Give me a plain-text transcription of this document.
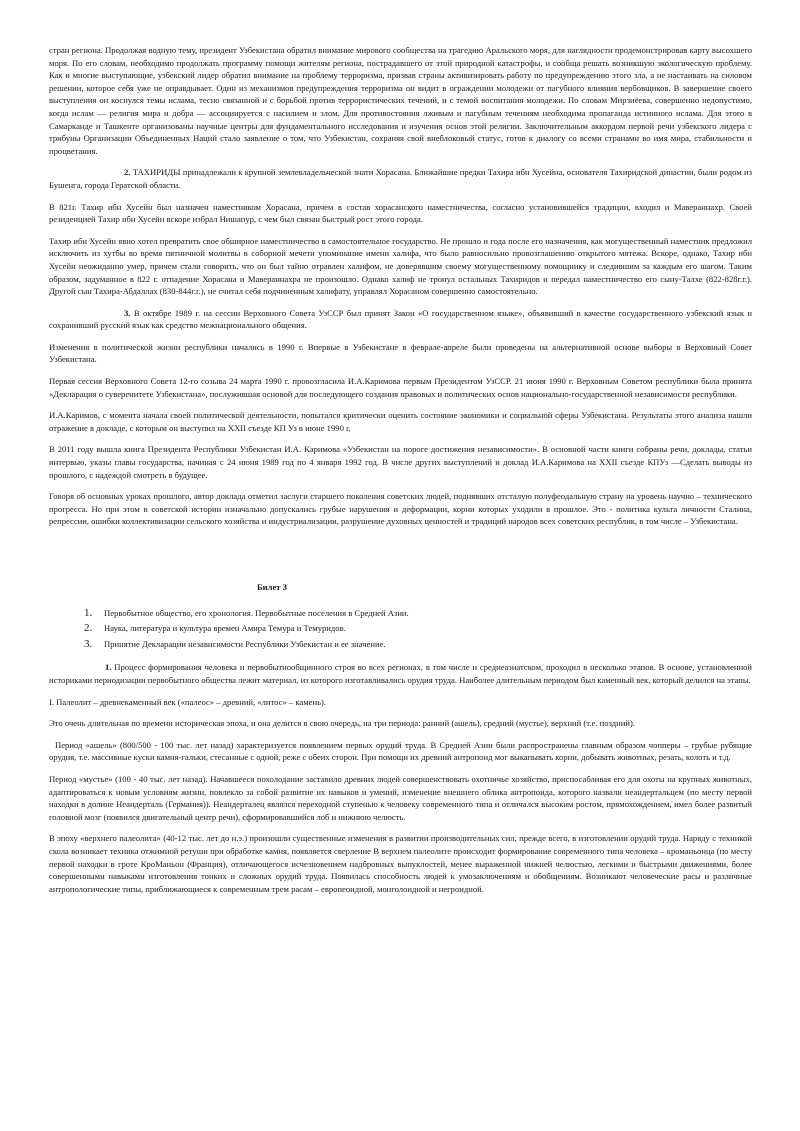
стран региона. Продолжая водную тему, президент Узбекистана обратил внимание мирового сообщества на трагедию Аральского моря, для наглядности продемонстрировав карту высохшего моря. По его словам, необходимо продолжать программу помощи жителям региона, пострадавшего от этой природной катастрофы, и сообща решать возникшую экологическую проблему. Как и многие выступающие, узбекский лидер обратил внимание на проблему терроризма, призвав страны активизировать работу по предупреждению этого зла, а не настаивать на силовом решении, которое себя уже не оправдывает. Один из механизмов предупреждения терроризма он видит в ограждении молодежи от пагубного влияния вербовщиков. В завершение своего выступления он коснулся темы ислама, тесно связанной и с борьбой против террористических течений, и с темой воспитания молодежи. По словам Мирзиёева, совершенно недопустимо, когда ислам — религия мира и добра — ассоциируется с насилием и злом. Для противостояния лживым и пагубным течениям необходима пропаганда истинного ислама. Для этого в Самарканде и Ташкенте организованы научные центры для фундаментального исследования и изучения основ этой религии. Заключительным аккордом первой речи узбекского лидера с трибуны Организации Объединенных Наций стало заявление о том, что Узбекистан, сохраняя свой внеблоковый статус, готов к диалогу со всеми странами во имя мира, стабильности и процветания.

2. ТАХИРИДЫ принадлежали к крупной землевладельческой знати Хорасана. Ближайшие предки Тахира ибн Хусейна, основателя Тахиридской династии, были родом из Бушенга, города Гератской области.

В 821г. Тахир ибн Хусейн был назначен наместником Хорасана, причем в состав хорасанского наместничества, согласно установившейся традиции, входил и Мавераннахр. Своей резиденцией Тахир ибн Хусейн вскоре избрал Нишапур, с чем был связан быстрый рост этого города.

Тахир ибн Хусейн явно хотел превратить свое обширное наместничество в самостоятельное государство. Не прошло и года после его назначения, как могущественный наместник предложил исключить из хутбы во время пятничной молитвы в соборной мечети упоминание имени халифа, что было равносильно провозглашению открытого мятежа. Вскоре, однако, Тахир ибн Хусейн неожиданно умер, причем стали говорить, что он был тайно отравлен халифом, не доверявшим своему могущественному помощнику и следившим за каждым его шагом. Таким образом, задуманное в 822 г. отпадение Хорасана и Мавераннахра не произошло. Однако халиф не тронул остальных Тахиридов и передал наместничество его сыну-Талхе (822-828г.г.). Другой сын Тахира-Абдаллах (830-844г.г.), не считал себя подчиненным халифату, управлял Хорасаном совершенно самостоятельно.

3. В октябре 1989 г. на сессии Верховного Совета УзССР был принят Закон «О государственном языке», объявивший в качестве государственного узбекский язык и сохранивший русский язык как средство межнационального общения.

Изменения в политической жизни республики начались в 1990 г. Впервые в Узбекистане в феврале-апреле были проведены на альтернативной основе выборы в Верховный Совет Узбекистана.

Первая сессия Верховного Совета 12-го созыва 24 марта 1990 г. провозгласила И.А.Каримова первым Президентом УзССР. 21 июня 1990 г. Верховным Советом республики была принята «Декларация о суверенитете Узбекистана», послужившая основой для последующего создания правовых и политических основ национально-государственной независимости республики.

И.А.Каримов, с момента начала своей политической деятельности, попытался критически оценить состояние экономики и социальной сферы Узбекистана. Результаты этого анализа нашли отражение в докладе, с которым он выступил на XXII съезде КП Уз в июне 1990 г.

В 2011 году вышла книга Президента Республики Узбекистан И.А. Каримова «Узбекистан на пороге достижения независимости». В основной части книги собраны речи, доклады, статьи интервью, указы главы государства, начиная с 24 июня 1989 год по 4 января 1992 год. В числе других выступлений и доклад И.А.Каримова на XXII съезде КПУз —Сделать выводы из прошлого, с надеждой смотреть в будущее.

Говоря об основных уроках прошлого, автор доклада отметил заслуги старшего поколения советских людей, поднявших отсталую полуфеодальную страну на уровень научно – технического прогресса. Но при этом в советской истории изначально допускались грубые нарушения и деформации, корни которых уходили в прошлое. Это - политика культа личности Сталина, репрессии, ошибки коллективизации сельского хозяйства и индустриализации, разрушение духовных ценностей и традиций народов всех советских республик, в том числе – Узбекистана.

Билет 3
1. Первобытное общество, его хронология. Первобытные поселения в Средней Азии.
2. Наука, литература и культура времен Амира Темура и Темуридов.
3. Принятие Декларации независимости Республики Узбекистан и ее значение.

1. Процесс формирования человека и первобытнообщинного строя во всех регионах, в том числе и среднеазиатском, проходил в несколько этапов. В основе, установленной историками периодизации первобытного общества лежит материал, из которого изготавливались орудия труда. Наиболее длительным периодом был каменный век, который делился на этапы.

I. Палеолит – древнекаменный век («палеос» – древний, «литос» – камень).

Это очень длительная по времени историческая эпоха, и она делится в свою очередь, на три периода: ранний (ашель), средний (мустье), верхний (т.е. поздний).

Период «ашель» (800/500 - 100 тыс. лет назад) характеризуется появлением первых орудий труда. В Средней Азии были распространены главным образом чопперы – грубые рубящие орудия, т.е. массивные куски камня-гальки, стесанные с одной, реже с обеих сторон. При помощи их древний антропоид мог выкапывать корни, добывать животных, резать, колоть и т.д.

Период «мустье» (100 - 40 тыс. лет назад). Начавшееся похолодание заставило древних людей совершенствовать охотничье хозяйство, приспосабливая его для охоты на крупных животных, адаптироваться к новым условиям жизни, повлекло за собой развитие их навыков и умений, изменение внешнего облика антропоида, которого назвали неандертальцем (по месту первой находки в долине Неандерталь (Германия)). Неандерталец являлся переходной ступенью к человеку современного типа и отличался высоким ростом, прямохождением, имел более развитый головной мозг (появился двигательный центр речи), сформировавшийся лоб и нижнюю челюсть.

В эпоху «верхнего палеолита» (40-12 тыс. лет до н.э.) произошли существенные изменения в развитии производительных сил, прежде всего, в изготовлении орудий труда. Наряду с техникой скола возникает техника отжимной ретуши при обработке камня, появляется сверление В верхнем палеолите происходит формирование современного типа человека – кроманьонца (по месту первой находки в гроте КроМаньон (Франция), отличающегося исчезновением надбровных выпуклостей, менее выраженной нижней челюстью, легкими и быстрыми движениями, более совершенными навыками изготовления тонких и сложных орудий труда. Появилась способность людей к умозаключениям и обобщениям. Возникают человеческие расы и различные антропологические типы, приближающиеся к современным трем расам – европеоидной, монголоидной и негроидной.
